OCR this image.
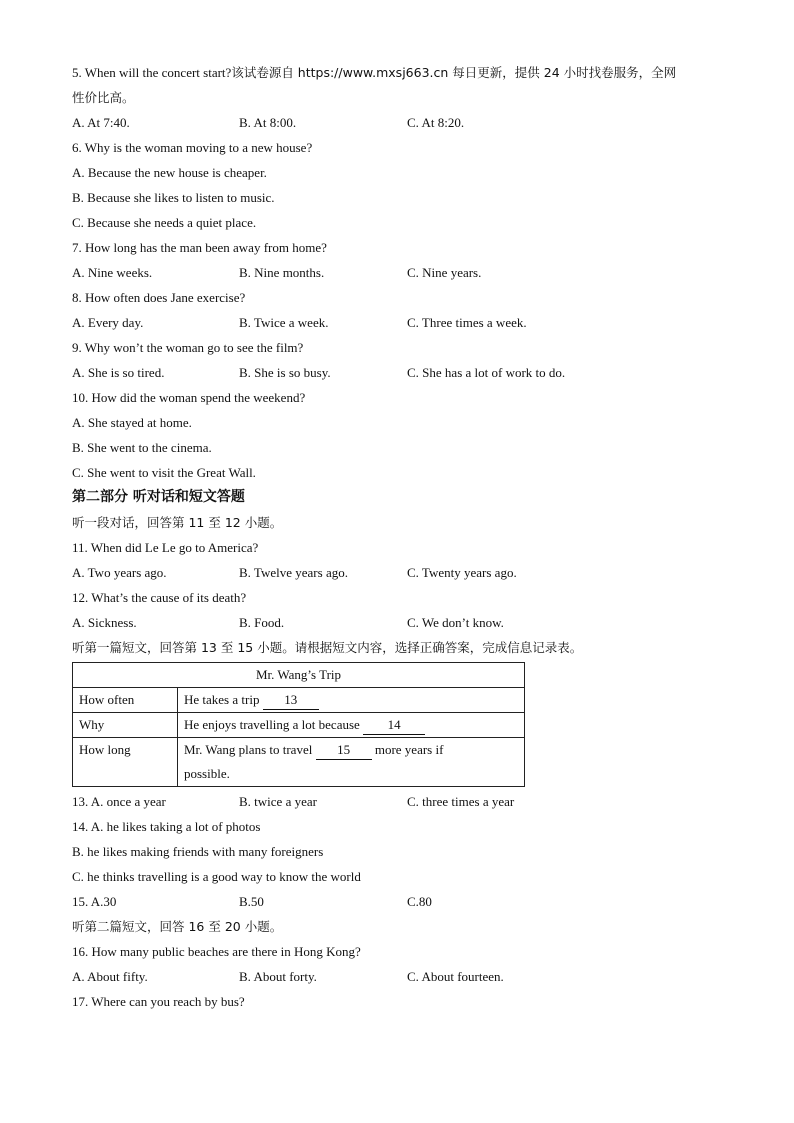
5. When will the concert start?该试卷源自 https://www.mxsj663.cn 每日更新，提供 24 小时找卷服务，全网
性价比高。
A. At 7:40.	B. At 8:00.	C. At 8:20.
6. Why is the woman moving to a new house?
A. Because the new house is cheaper.
B. Because she likes to listen to music.
C. Because she needs a quiet place.
7. How long has the man been away from home?
A. Nine weeks.	B. Nine months.	C. Nine years.
8. How often does Jane exercise?
A. Every day.	B. Twice a week.	C. Three times a week.
9. Why won’t the woman go to see the film?
A. She is so tired.	B. She is so busy.	C. She has a lot of work to do.
10. How did the woman spend the weekend?
A. She stayed at home.
B. She went to the cinema.
C. She went to visit the Great Wall.
第二部分 听对话和短文答题
听一段对话，回答第 11 至 12 小题。
11. When did Le Le go to America?
A. Two years ago.	B. Twelve years ago.	C. Twenty years ago.
12. What’s the cause of its death?
A. Sickness.	B. Food.	C. We don’t know.
听第一篇短文，回答第 13 至 15 小题。请根据短文内容，选择正确答案，完成信息记录表。
Mr. Wang’s Trip	
How often	He takes a trip 13
Why	He enjoys travelling a lot because 14
How long	Mr. Wang plans to travel 15 more years if
possible.
13. A. once a year	B. twice a year	C. three times a year
14. A. he likes taking a lot of photos
B. he likes making friends with many foreigners
C. he thinks travelling is a good way to know the world
15. A.30	B.50	C.80
听第二篇短文，回答 16 至 20 小题。
16. How many public beaches are there in Hong Kong?
A. About fifty.	B. About forty.	C. About fourteen.
17. Where can you reach by bus?
